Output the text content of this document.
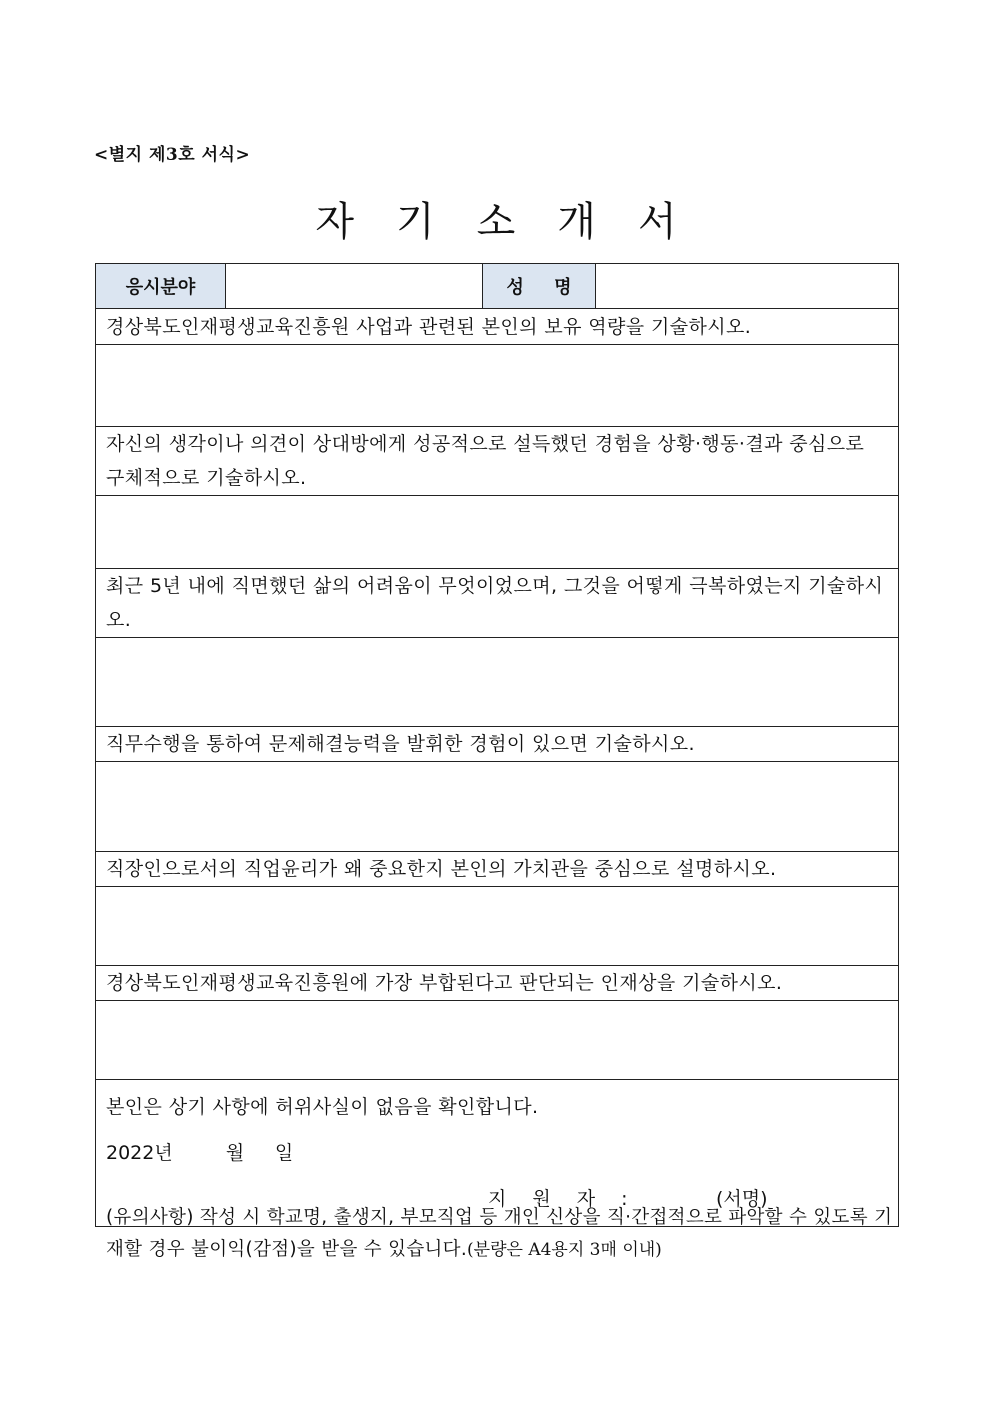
<별지 제3호 서식>
자기소개서
응시분야		성 명	
경상북도인재평생교육진흥원 사업과 관련된 본인의 보유 역량을 기술하시오.

자신의 생각이나 의견이 상대방에게 성공적으로 설득했던 경험을 상황·행동·결과 중심으로 구체적으로 기술하시오.

최근 5년 내에 직면했던 삶의 어려움이 무엇이었으며, 그것을 어떻게 극복하였는지 기술하시오.

직무수행을 통하여 문제해결능력을 발휘한 경험이 있으면 기술하시오.

직장인으로서의 직업윤리가 왜 중요한지 본인의 가치관을 중심으로 설명하시오.

경상북도인재평생교육진흥원에 가장 부합된다고 판단되는 인재상을 기술하시오.

본인은 상기 사항에 허위사실이 없음을 확인합니다.
2022년	월 일
지 원 자 :	(서명)
(유의사항) 작성 시 학교명, 출생지, 부모직업 등 개인 신상을 직·간접적으로 파악할 수 있도록 기재할 경우 불이익(감점)을 받을 수 있습니다.(분량은 A4용지 3매 이내)
